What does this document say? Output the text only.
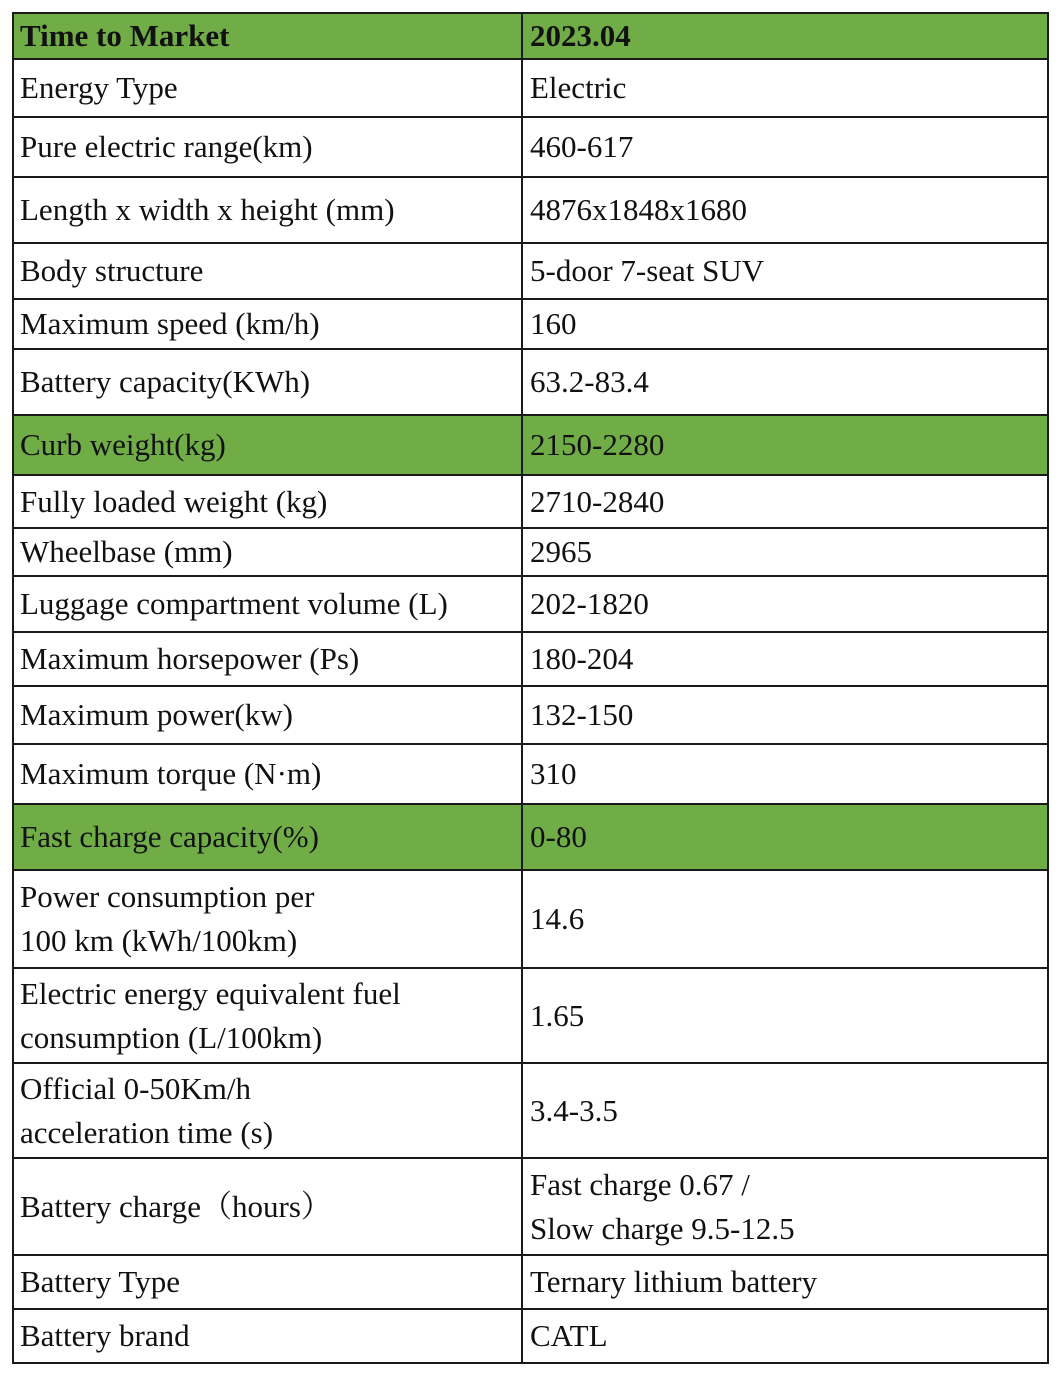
Time to Market	2023.04
Energy Type	Electric
Pure electric range(km)	460-617
Length x width x height (mm)	4876x1848x1680
Body structure	5-door 7-seat SUV
Maximum speed (km/h)	160
Battery capacity(KWh)	63.2-83.4
Curb weight(kg)	2150-2280
Fully loaded weight (kg)	2710-2840
Wheelbase (mm)	2965
Luggage compartment volume (L)	202-1820
Maximum horsepower (Ps)	180-204
Maximum power(kw)	132-150
Maximum torque (N·m)	310
Fast charge capacity(%)	0-80
Power consumption per
100 km (kWh/100km)	14.6
Electric energy equivalent fuel
consumption (L/100km)	1.65
Official 0-50Km/h
acceleration time (s)	3.4-3.5
Battery charge（hours）	Fast charge 0.67 /
Slow charge 9.5-12.5
Battery Type	Ternary lithium battery
Battery brand	CATL
